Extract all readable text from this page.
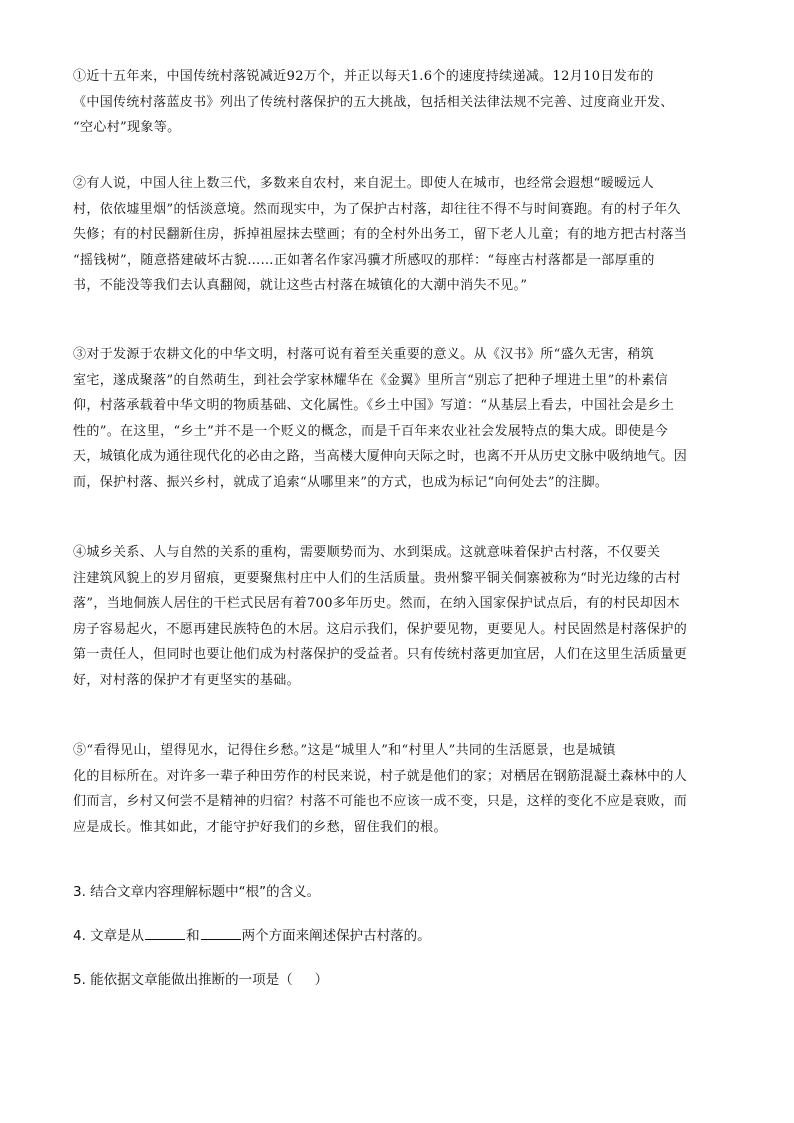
①近十五年来，中国传统村落锐减近92万个，并正以每天1.6个的速度持续递减。12月10日发布的
《中国传统村落蓝皮书》列出了传统村落保护的五大挑战，包括相关法律法规不完善、过度商业开发、
“空心村”现象等。
②有人说，中国人往上数三代，多数来自农村，来自泥土。即使人在城市，也经常会遐想“暧暧远人
村，依依墟里烟”的恬淡意境。然而现实中，为了保护古村落，却往往不得不与时间赛跑。有的村子年久
失修；有的村民翻新住房，拆掉祖屋抹去壁画；有的全村外出务工，留下老人儿童；有的地方把古村落当
“摇钱树”，随意搭建破坏古貌……正如著名作家冯骥才所感叹的那样：“每座古村落都是一部厚重的
书，不能没等我们去认真翻阅，就让这些古村落在城镇化的大潮中消失不见。”
③对于发源于农耕文化的中华文明，村落可说有着至关重要的意义。从《汉书》所“盛久无害，稍筑
室宅，遂成聚落”的自然萌生，到社会学家林耀华在《金翼》里所言“别忘了把种子埋进土里”的朴素信
仰，村落承载着中华文明的物质基础、文化属性。《乡土中国》写道：“从基层上看去，中国社会是乡土
性的”。在这里，“乡土”并不是一个贬义的概念，而是千百年来农业社会发展特点的集大成。即使是今
天，城镇化成为通往现代化的必由之路，当高楼大厦伸向天际之时，也离不开从历史文脉中吸纳地气。因
而，保护村落、振兴乡村，就成了追索“从哪里来”的方式，也成为标记“向何处去”的注脚。
④城乡关系、人与自然的关系的重构，需要顺势而为、水到渠成。这就意味着保护古村落，不仅要关
注建筑风貌上的岁月留痕，更要聚焦村庄中人们的生活质量。贵州黎平铜关侗寨被称为“时光边缘的古村
落”，当地侗族人居住的干栏式民居有着700多年历史。然而，在纳入国家保护试点后，有的村民却因木
房子容易起火，不愿再建民族特色的木居。这启示我们，保护要见物，更要见人。村民固然是村落保护的
第一责任人，但同时也要让他们成为村落保护的受益者。只有传统村落更加宜居，人们在这里生活质量更
好，对村落的保护才有更坚实的基础。
⑤“看得见山，望得见水，记得住乡愁。”这是“城里人”和“村里人”共同的生活愿景，也是城镇
化的目标所在。对许多一辈子种田劳作的村民来说，村子就是他们的家；对栖居在钢筋混凝土森林中的人
们而言，乡村又何尝不是精神的归宿？村落不可能也不应该一成不变，只是，这样的变化不应是衰败，而
应是成长。惟其如此，才能守护好我们的乡愁，留住我们的根。

3. 结合文章内容理解标题中“根”的含义。

4. 文章是从	和	两个方面来阐述保护古村落的。

5. 能依据文章能做出推断的一项是（ ）
